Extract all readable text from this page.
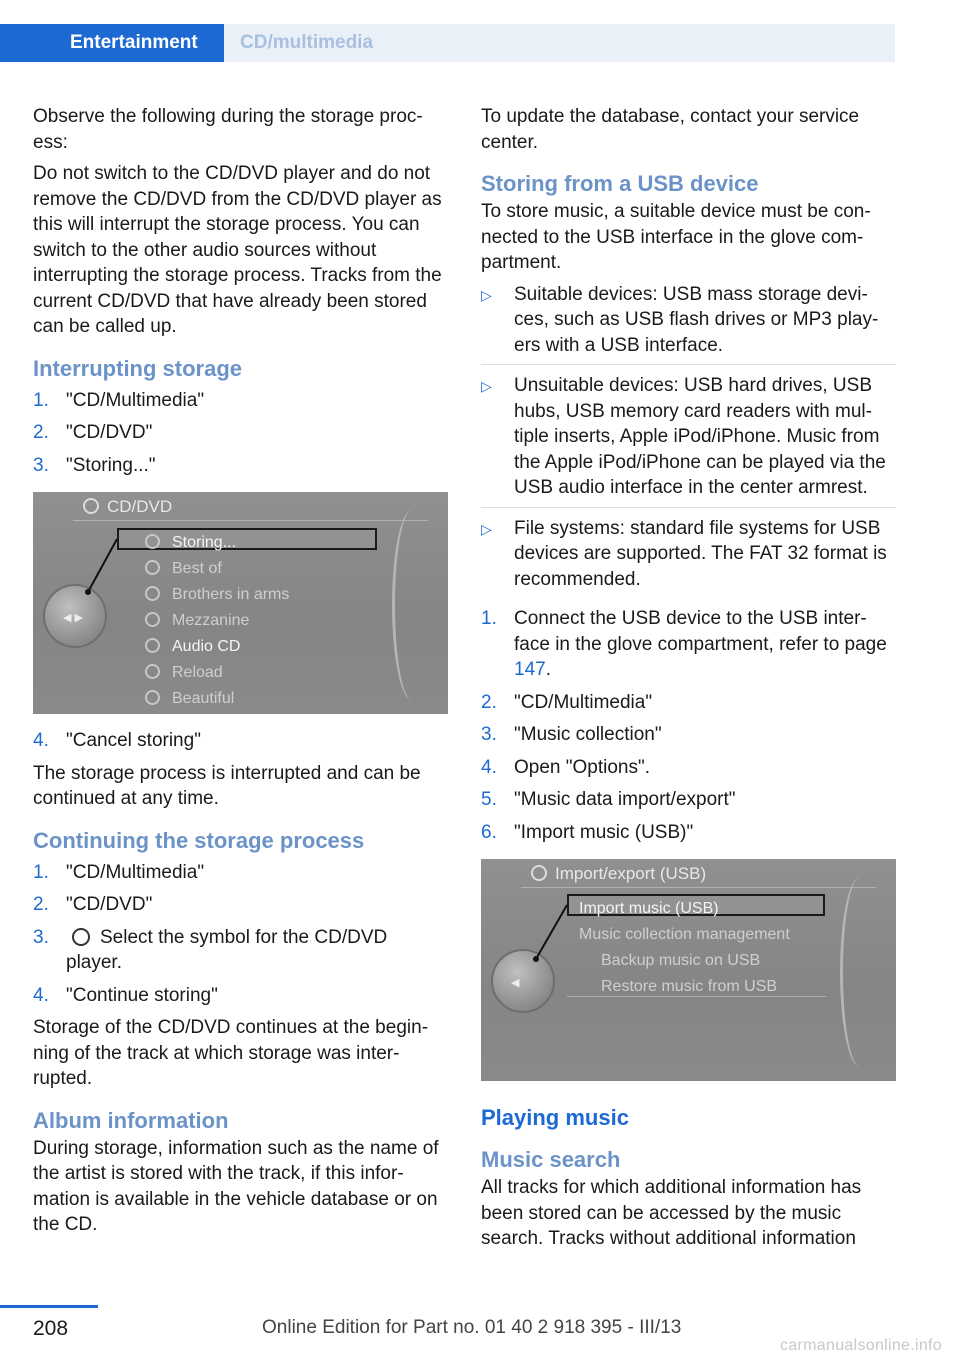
Entertainment	CD/multimedia

Observe the following during the storage process:

Do not switch to the CD/DVD player and do not remove the CD/DVD from the CD/DVD player as this will interrupt the storage process. You can switch to the other audio sources without interrupting the storage process. Tracks from the current CD/DVD that have already been stored can be called up.

Interrupting storage
1. "CD/Multimedia"
2. "CD/DVD"
3. "Storing..."
CD/DVD
Storing...
Best of
Brothers in arms
Mezzanine
Audio CD
Reload
Beautiful
◀ ▶
4. "Cancel storing"

The storage process is interrupted and can be continued at any time.

Continuing the storage process
1. "CD/Multimedia"
2. "CD/DVD"
3.	Select the symbol for the CD/DVD player.
4. "Continue storing"

Storage of the CD/DVD continues at the beginning of the track at which storage was interrupted.

Album information

During storage, information such as the name of the artist is stored with the track, if this information is available in the vehicle database or on the CD.

To update the database, contact your service center.

Storing from a USB device

To store music, a suitable device must be connected to the USB interface in the glove compartment.

▷ Suitable devices: USB mass storage devices, such as USB flash drives or MP3 players with a USB interface.
▷ Unsuitable devices: USB hard drives, USB hubs, USB memory card readers with multiple inserts, Apple iPod/iPhone. Music from the Apple iPod/iPhone can be played via the USB audio interface in the center armrest.
▷ File systems: standard file systems for USB devices are supported. The FAT 32 format is recommended.
1. Connect the USB device to the USB interface in the glove compartment, refer to page 147.
2. "CD/Multimedia"
3. "Music collection"
4. Open "Options".
5. "Music data import/export"
6. "Import music (USB)"
Import/export (USB)
Import music (USB)
Music collection management
Backup music on USB
Restore music from USB
◀
Playing music
Music search

All tracks for which additional information has been stored can be accessed by the music search. Tracks without additional information

208	Online Edition for Part no. 01 40 2 918 395 - III/13
carmanualsonline.info
